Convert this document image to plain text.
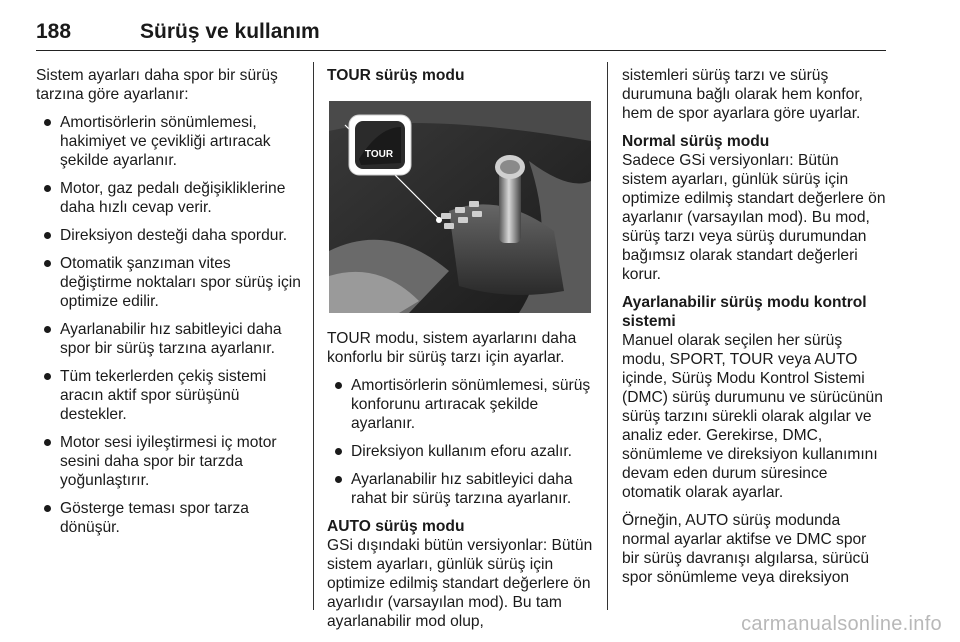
188	Sürüş ve kullanım

Sistem ayarları daha spor bir sürüş tarzına göre ayarlanır:

Amortisörlerin sönümlemesi, hakimiyet ve çevikliği artıracak şekilde ayarlanır.
Motor, gaz pedalı değişikliklerine daha hızlı cevap verir.
Direksiyon desteği daha spordur.
Otomatik şanzıman vites değiştirme noktaları spor sürüş için optimize edilir.
Ayarlanabilir hız sabitleyici daha spor bir sürüş tarzına ayarlanır.
Tüm tekerlerden çekiş sistemi aracın aktif spor sürüşünü destekler.
Motor sesi iyileştirmesi iç motor sesini daha spor bir tarzda yoğunlaştırır.
Gösterge teması spor tarza dönüşür.
TOUR sürüş modu
TOUR

TOUR modu, sistem ayarlarını daha konforlu bir sürüş tarzı için ayarlar.

Amortisörlerin sönümlemesi, sürüş konforunu artıracak şekilde ayarlanır.
Direksiyon kullanım eforu azalır.
Ayarlanabilir hız sabitleyici daha rahat bir sürüş tarzına ayarlanır.
AUTO sürüş modu

GSi dışındaki bütün versiyonlar: Bütün sistem ayarları, günlük sürüş için optimize edilmiş standart değerlere ön ayarlıdır (varsayılan mod). Bu tam ayarlanabilir mod olup,

sistemleri sürüş tarzı ve sürüş durumuna bağlı olarak hem konfor, hem de spor ayarlara göre uyarlar.

Normal sürüş modu

Sadece GSi versiyonları: Bütün sistem ayarları, günlük sürüş için optimize edilmiş standart değerlere ön ayarlanır (varsayılan mod). Bu mod, sürüş tarzı veya sürüş durumundan bağımsız olarak standart değerleri korur.

Ayarlanabilir sürüş modu kontrol sistemi

Manuel olarak seçilen her sürüş modu, SPORT, TOUR veya AUTO içinde, Sürüş Modu Kontrol Sistemi (DMC) sürüş durumunu ve sürücünün sürüş tarzını sürekli olarak algılar ve analiz eder. Gerekirse, DMC, sönümleme ve direksiyon kullanımını devam eden durum süresince otomatik olarak ayarlar.

Örneğin, AUTO sürüş modunda normal ayarlar aktifse ve DMC spor bir sürüş davranışı algılarsa, sürücü spor sönümleme veya direksiyon

carmanualsonline.info
